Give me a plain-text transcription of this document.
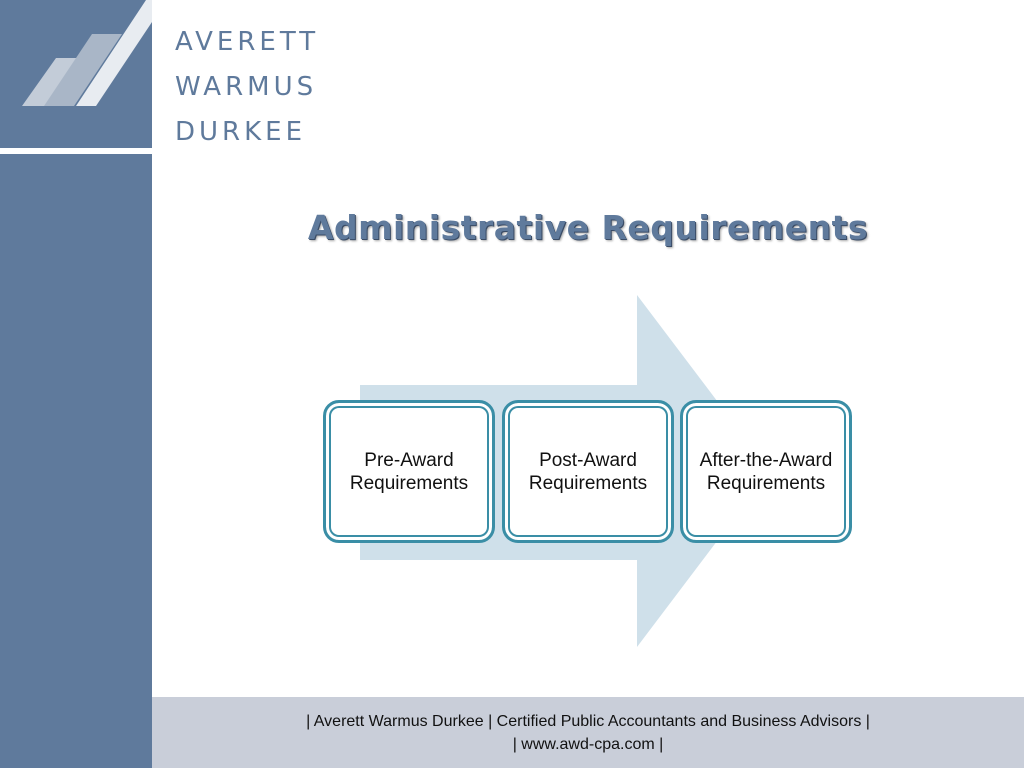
AVERETT
WARMUS
DURKEE
Administrative Requirements
Pre-Award Requirements
Post-Award Requirements
After-the-Award Requirements
| Averett Warmus Durkee | Certified Public Accountants and Business Advisors |
| www.awd-cpa.com |
